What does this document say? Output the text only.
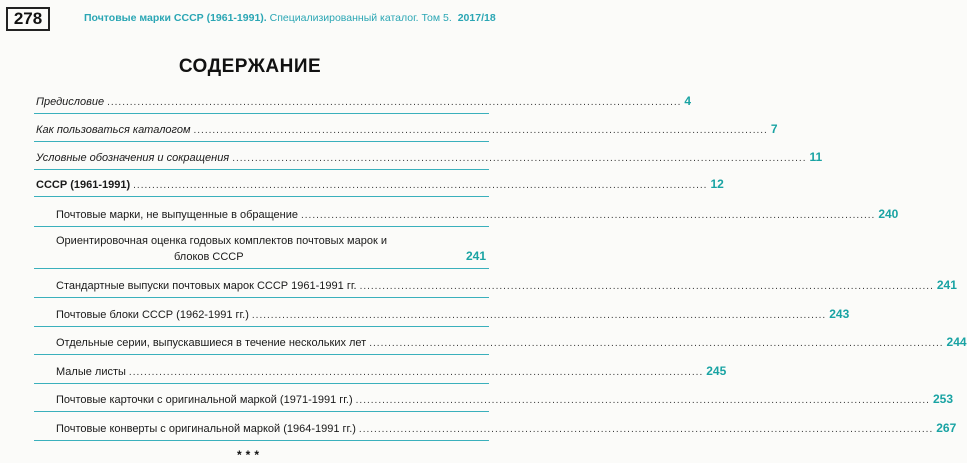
278	Почтовые марки СССР (1961-1991). Специализированный каталог. Том 5. 2017/18
СОДЕРЖАНИЕ
Предисловие ........................................................................................................................................................ 4
Как пользоваться каталогом ........................................................................................................................................................ 7
Условные обозначения и сокращения ........................................................................................................................................................ 11
СССР (1961-1991) ........................................................................................................................................................ 12
Почтовые марки, не выпущенные в обращение ........................................................................................................................................................ 240
Ориентировочная оценка годовых комплектов почтовых марок и
блоков СССР	241
Стандартные выпуски почтовых марок СССР 1961-1991 гг. ........................................................................................................................................................ 241
Почтовые блоки СССР (1962-1991 гг.) ........................................................................................................................................................ 243
Отдельные серии, выпускавшиеся в течение нескольких лет ........................................................................................................................................................ 244
Малые листы ........................................................................................................................................................ 245
Почтовые карточки с оригинальной маркой (1971-1991 гг.) ........................................................................................................................................................ 253
Почтовые конверты с оригинальной маркой (1964-1991 гг.) ........................................................................................................................................................ 267
***
